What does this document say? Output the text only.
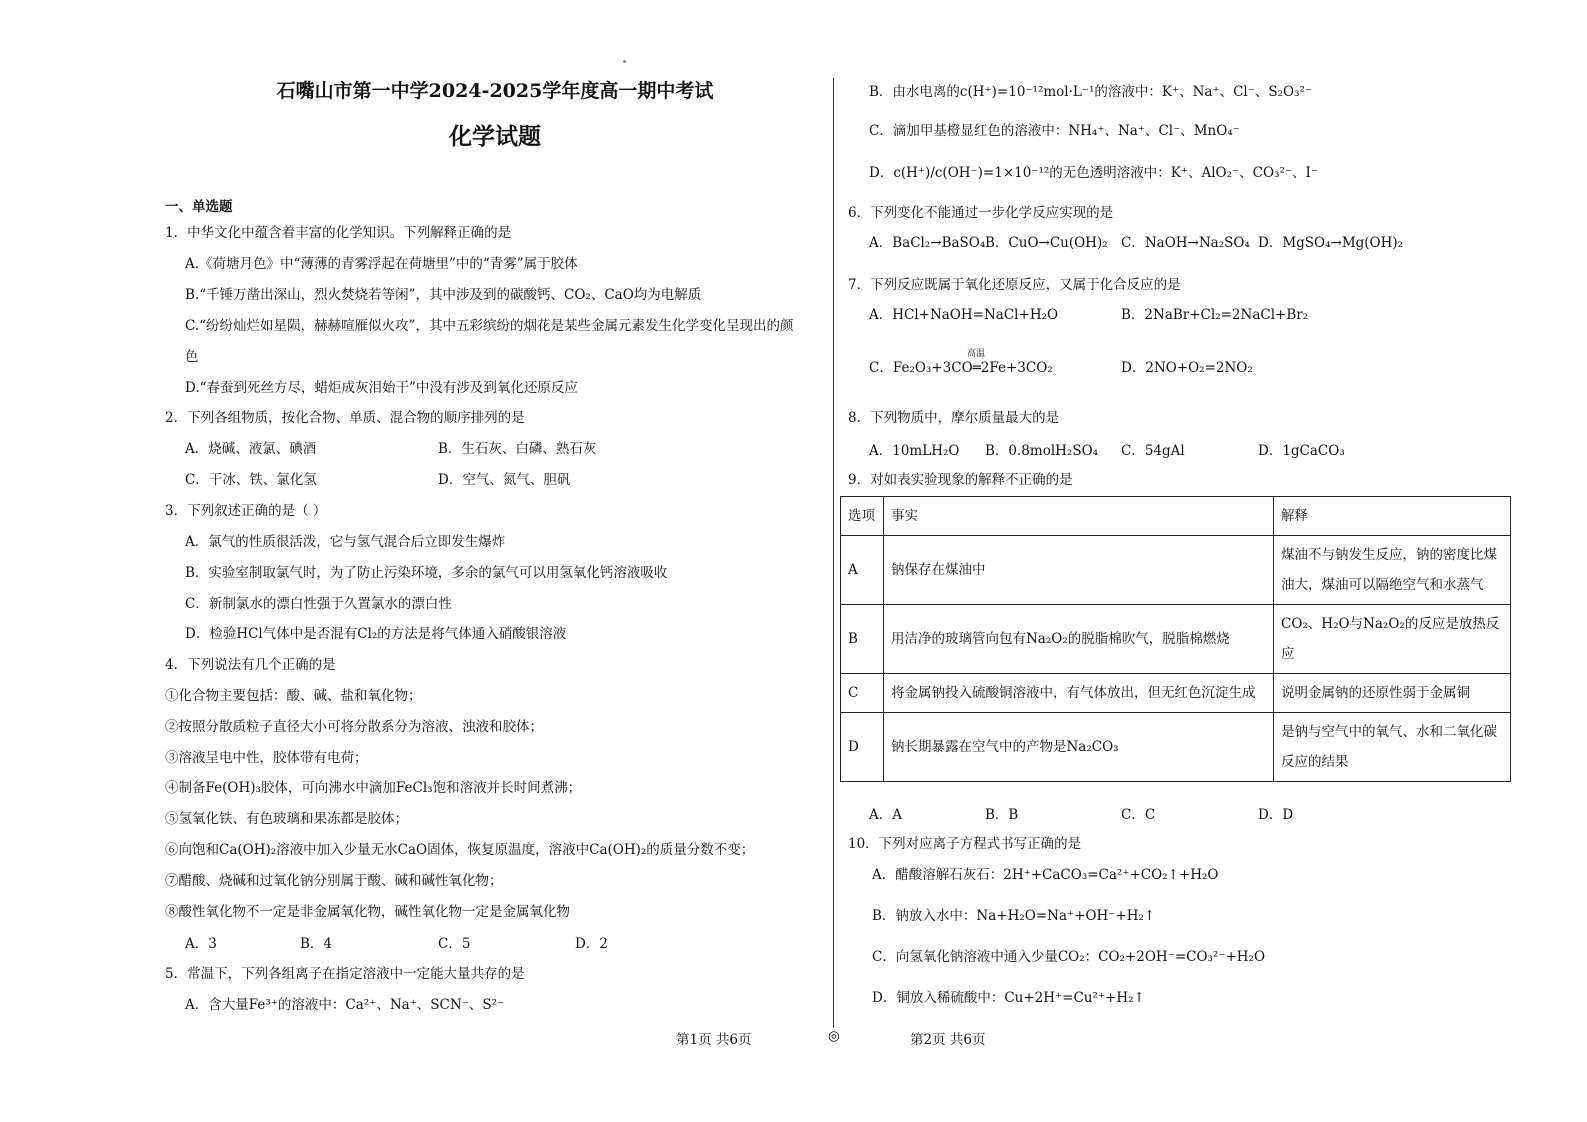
石嘴山市第一中学2024-2025学年度高一期中考试
化学试题
一、单选题
1．中华文化中蕴含着丰富的化学知识。下列解释正确的是
A.《荷塘月色》中“薄薄的青雾浮起在荷塘里”中的“青雾”属于胶体
B.“千锤万凿出深山，烈火焚烧若等闲”，其中涉及到的碳酸钙、CO₂、CaO均为电解质
C.“纷纷灿烂如星陨，赫赫喧雁似火攻”，其中五彩缤纷的烟花是某些金属元素发生化学变化呈现出的颜
色
D.“春蚕到死丝方尽，蜡炬成灰泪始干”中没有涉及到氧化还原反应
2．下列各组物质，按化合物、单质、混合物的顺序排列的是
A．烧碱、液氯、碘酒	B．生石灰、白磷、熟石灰
C．干冰、铁、氯化氢	D．空气、氮气、胆矾
3．下列叙述正确的是（ ）
A．氯气的性质很活泼，它与氢气混合后立即发生爆炸
B．实验室制取氯气时，为了防止污染环境，多余的氯气可以用氢氧化钙溶液吸收
C．新制氯水的漂白性强于久置氯水的漂白性
D．检验HCl气体中是否混有Cl₂的方法是将气体通入硝酸银溶液
4．下列说法有几个正确的是
①化合物主要包括：酸、碱、盐和氧化物；
②按照分散质粒子直径大小可将分散系分为溶液、浊液和胶体；
③溶液呈电中性，胶体带有电荷；
④制备Fe(OH)₃胶体，可向沸水中滴加FeCl₃饱和溶液并长时间煮沸；
⑤氢氧化铁、有色玻璃和果冻都是胶体；
⑥向饱和Ca(OH)₂溶液中加入少量无水CaO固体，恢复原温度，溶液中Ca(OH)₂的质量分数不变；
⑦醋酸、烧碱和过氧化钠分别属于酸、碱和碱性氧化物；
⑧酸性氧化物不一定是非金属氧化物，碱性氧化物一定是金属氧化物
A．3	B．4	C．5	D．2
5．常温下，下列各组离子在指定溶液中一定能大量共存的是
A．含大量Fe³⁺的溶液中：Ca²⁺、Na⁺、SCN⁻、S²⁻
B．由水电离的c(H⁺)=10⁻¹²mol·L⁻¹的溶液中：K⁺、Na⁺、Cl⁻、S₂O₃²⁻
C．滴加甲基橙显红色的溶液中：NH₄⁺、Na⁺、Cl⁻、MnO₄⁻
D．c(H⁺)/c(OH⁻)=1×10⁻¹²的无色透明溶液中：K⁺、AlO₂⁻、CO₃²⁻、I⁻
6．下列变化不能通过一步化学反应实现的是
A．BaCl₂→BaSO₄ B．CuO→Cu(OH)₂ C．NaOH→Na₂SO₄ D．MgSO₄→Mg(OH)₂
7．下列反应既属于氧化还原反应，又属于化合反应的是
A．HCl+NaOH=NaCl+H₂O	B．2NaBr+Cl₂=2NaCl+Br₂
高温
C．Fe₂O₃+3CO═2Fe+3CO₂	D．2NO+O₂=2NO₂
8．下列物质中，摩尔质量最大的是
A．10mLH₂O B．0.8molH₂SO₄ C．54gAl	D．1gCaCO₃
9．对如表实验现象的解释不正确的是
A．A	B．B	C．C	D．D
10．下列对应离子方程式书写正确的是
A．醋酸溶解石灰石：2H⁺+CaCO₃=Ca²⁺+CO₂↑+H₂O
B．钠放入水中：Na+H₂O=Na⁺+OH⁻+H₂↑
C．向氢氧化钠溶液中通入少量CO₂：CO₂+2OH⁻=CO₃²⁻+H₂O
D．铜放入稀硫酸中：Cu+2H⁺=Cu²⁺+H₂↑
选项	事实	解释
A	钠保存在煤油中	煤油不与钠发生反应，钠的密度比煤
油大，煤油可以隔绝空气和水蒸气

B	用洁净的玻璃管向包有Na₂O₂的脱脂棉吹气，脱脂棉燃烧	CO₂、H₂O与Na₂O₂的反应是放热反
应

C	将金属钠投入硫酸铜溶液中，有气体放出，但无红色沉淀生成	说明金属钠的还原性弱于金属铜

D	钠长期暴露在空气中的产物是Na₂CO₃	是钠与空气中的氧气、水和二氧化碳
反应的结果
第1页 共6页	◎	第2页 共6页
